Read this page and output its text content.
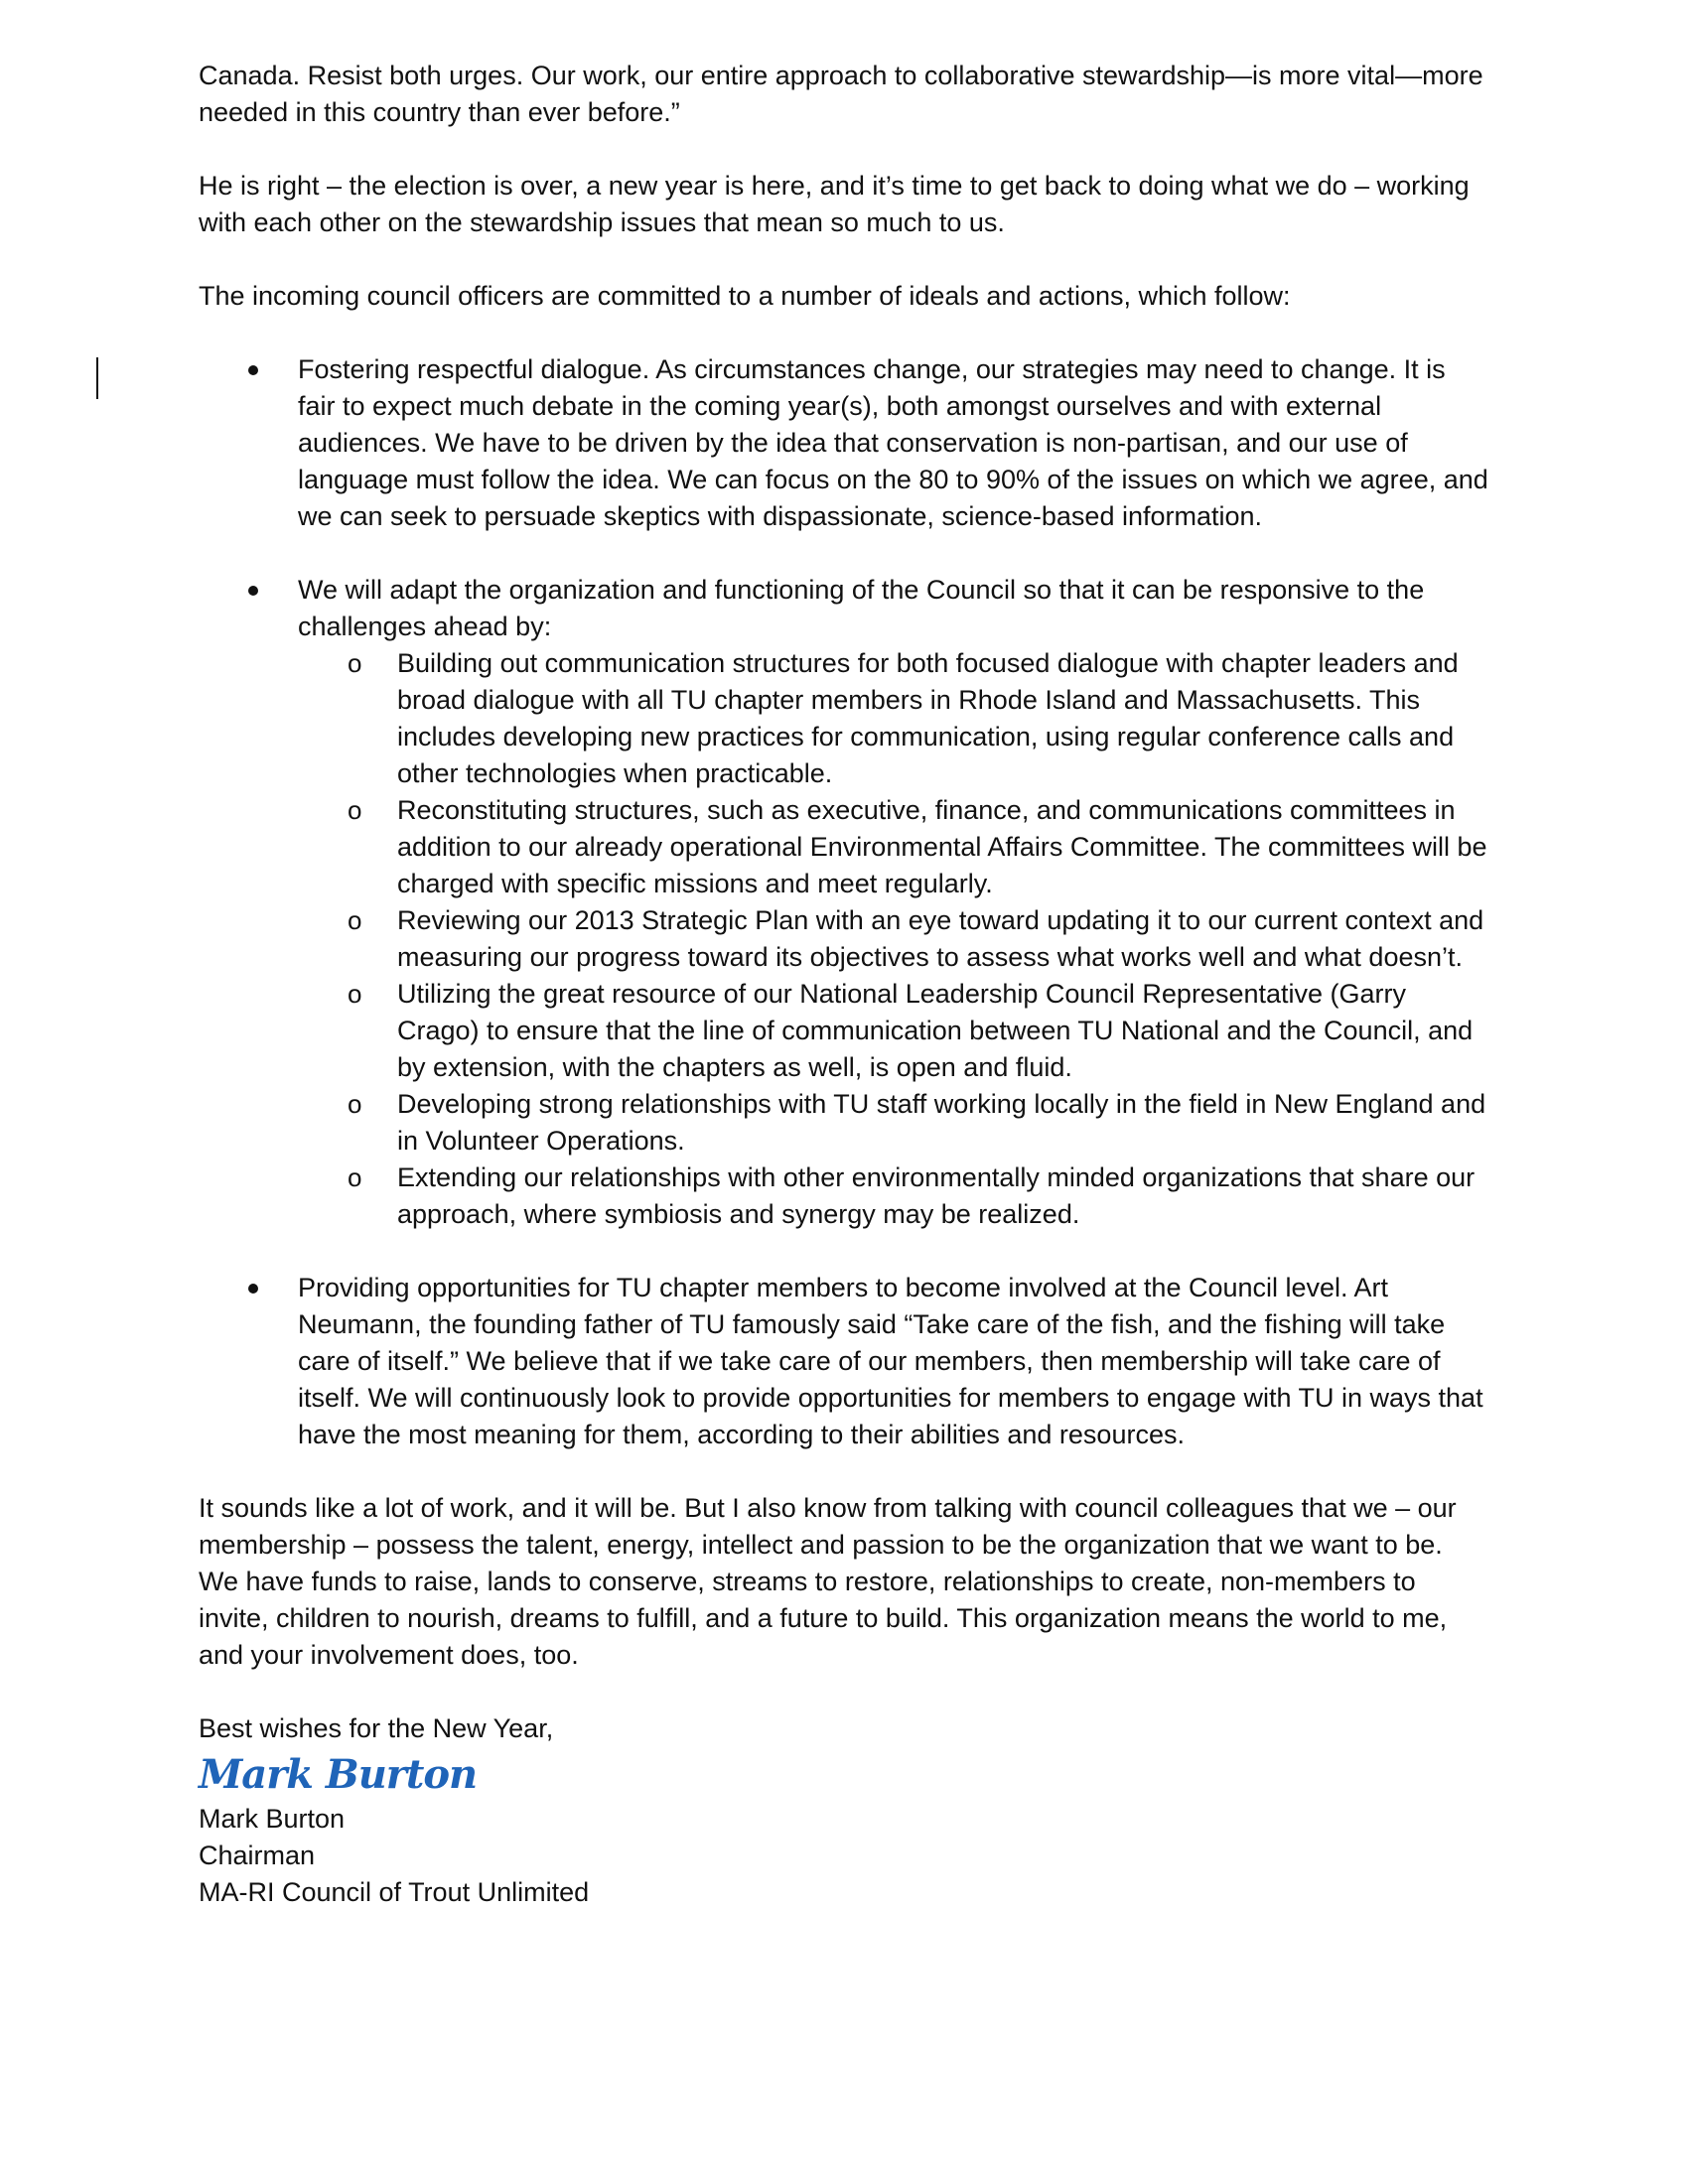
Canada. Resist both urges. Our work, our entire approach to collaborative stewardship—is more vital—more needed in this country than ever before.”

He is right – the election is over, a new year is here, and it’s time to get back to doing what we do – working with each other on the stewardship issues that mean so much to us.

The incoming council officers are committed to a number of ideals and actions, which follow:

Fostering respectful dialogue. As circumstances change, our strategies may need to change. It is fair to expect much debate in the coming year(s), both amongst ourselves and with external audiences. We have to be driven by the idea that conservation is non-partisan, and our use of language must follow the idea. We can focus on the 80 to 90% of the issues on which we agree, and we can seek to persuade skeptics with dispassionate, science-based information.
We will adapt the organization and functioning of the Council so that it can be responsive to the challenges ahead by:
o Building out communication structures for both focused dialogue with chapter leaders and broad dialogue with all TU chapter members in Rhode Island and Massachusetts. This includes developing new practices for communication, using regular conference calls and other technologies when practicable.
o Reconstituting structures, such as executive, finance, and communications committees in addition to our already operational Environmental Affairs Committee. The committees will be charged with specific missions and meet regularly.
o Reviewing our 2013 Strategic Plan with an eye toward updating it to our current context and measuring our progress toward its objectives to assess what works well and what doesn’t.
o Utilizing the great resource of our National Leadership Council Representative (Garry Crago) to ensure that the line of communication between TU National and the Council, and by extension, with the chapters as well, is open and fluid.
o Developing strong relationships with TU staff working locally in the field in New England and in Volunteer Operations.
o Extending our relationships with other environmentally minded organizations that share our approach, where symbiosis and synergy may be realized.
Providing opportunities for TU chapter members to become involved at the Council level. Art Neumann, the founding father of TU famously said “Take care of the fish, and the fishing will take care of itself.” We believe that if we take care of our members, then membership will take care of itself. We will continuously look to provide opportunities for members to engage with TU in ways that have the most meaning for them, according to their abilities and resources.

It sounds like a lot of work, and it will be. But I also know from talking with council colleagues that we – our membership – possess the talent, energy, intellect and passion to be the organization that we want to be. We have funds to raise, lands to conserve, streams to restore, relationships to create, non-members to invite, children to nourish, dreams to fulfill, and a future to build. This organization means the world to me, and your involvement does, too.

Best wishes for the New Year,

Mark Burton

Mark Burton

Chairman

MA-RI Council of Trout Unlimited
